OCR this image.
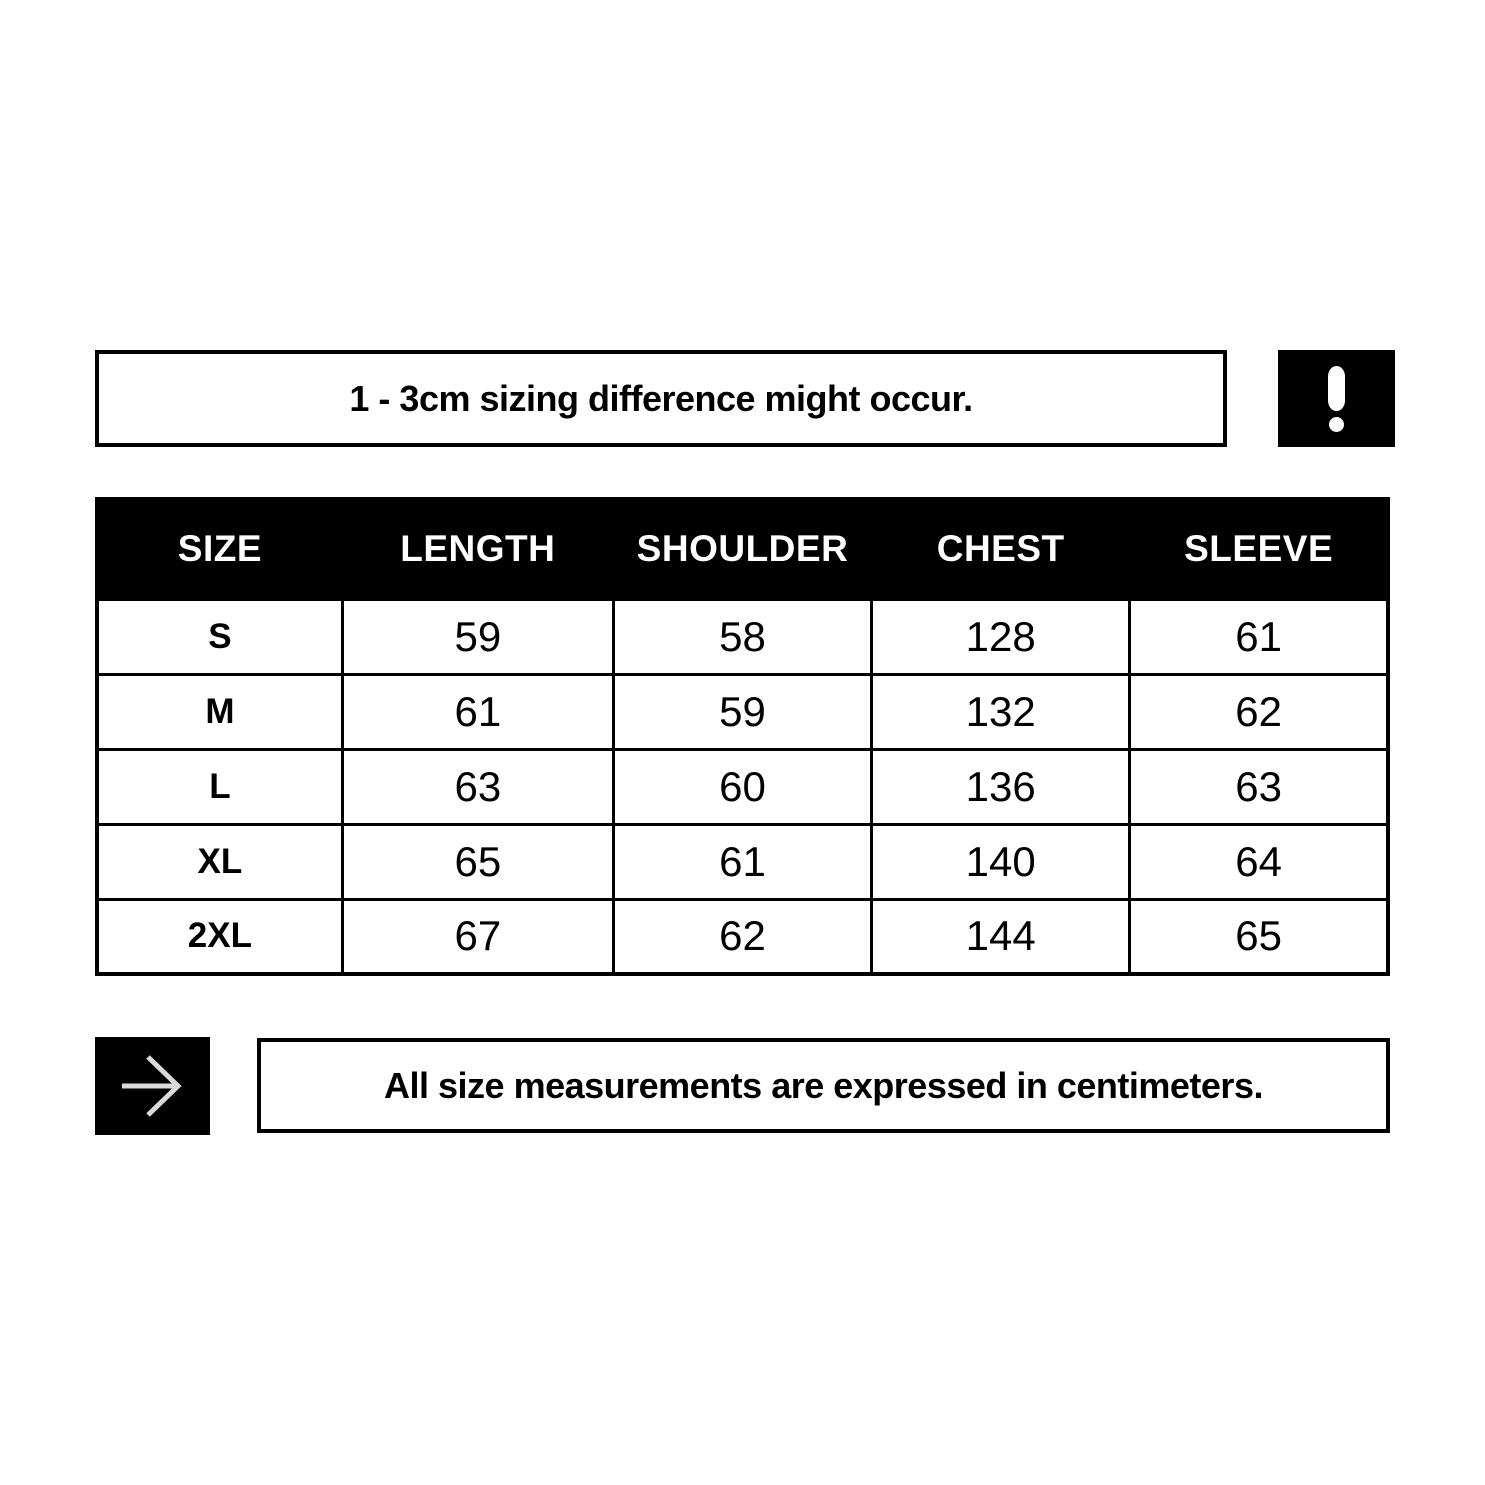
1 - 3cm sizing difference might occur.
SIZE	LENGTH	SHOULDER	CHEST	SLEEVE
S	59	58	128	61
M	61	59	132	62
L	63	60	136	63
XL	65	61	140	64
2XL	67	62	144	65
All size measurements are expressed in centimeters.
